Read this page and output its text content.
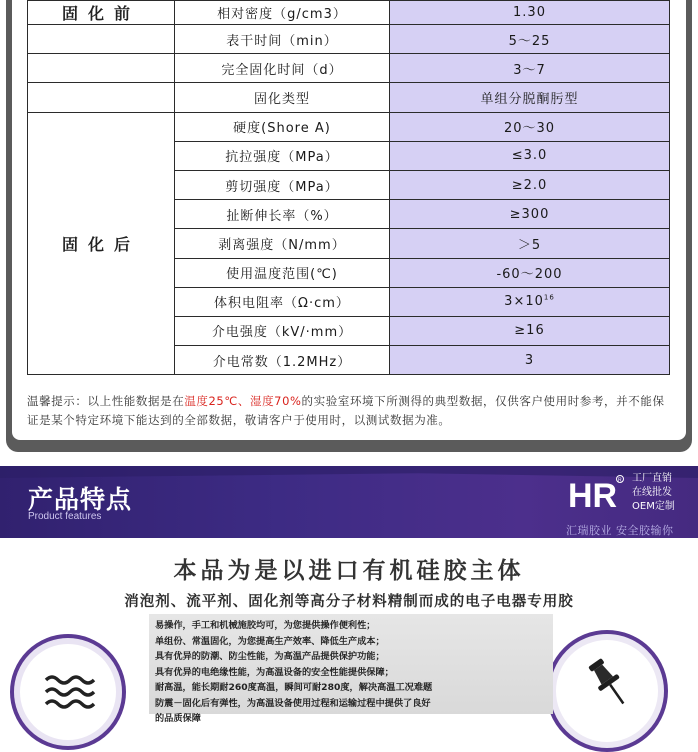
固化前	相对密度（g/cm3）	1.30
	表干时间（min）	5～25
	完全固化时间（d）	3～7
	固化类型	单组分脱酮肟型
固化后	硬度(Shore A)	20～30
	抗拉强度（MPa）	≤3.0
	剪切强度（MPa）	≥2.0
	扯断伸长率（%）	≥300
	剥离强度（N/mm）	＞5
	使用温度范围(℃)	-60～200
	体积电阻率（Ω·cm）	$3\times 10^{16}$
	介电强度（kV/·mm）	≥16
	介电常数（1.2MHz）	3
温馨提示：以上性能数据是在温度25℃、湿度70%的实验室环境下所测得的典型数据，仅供客户使用时参考，并不能保证是某个特定环境下能达到的全部数据，敬请客户于使用时，以测试数据为准。
产品特点
Product features
HR R 工厂直销
在线批发
OEM定制
汇瑞胶业 安全胶输你
本品为是以进口有机硅胶主体
消泡剂、流平剂、固化剂等高分子材料精制而成的电子电器专用胶
易操作，手工和机械施胶均可，为您提供操作便利性；
单组份、常温固化，为您提高生产效率、降低生产成本；
具有优异的防潮、防尘性能，为高温产品提供保护功能；
具有优异的电绝缘性能，为高温设备的安全性能提供保障；
耐高温，能长期耐260度高温，瞬间可耐280度，解决高温工况难题
防震－固化后有弹性，为高温设备使用过程和运输过程中提供了良好
的品质保障
